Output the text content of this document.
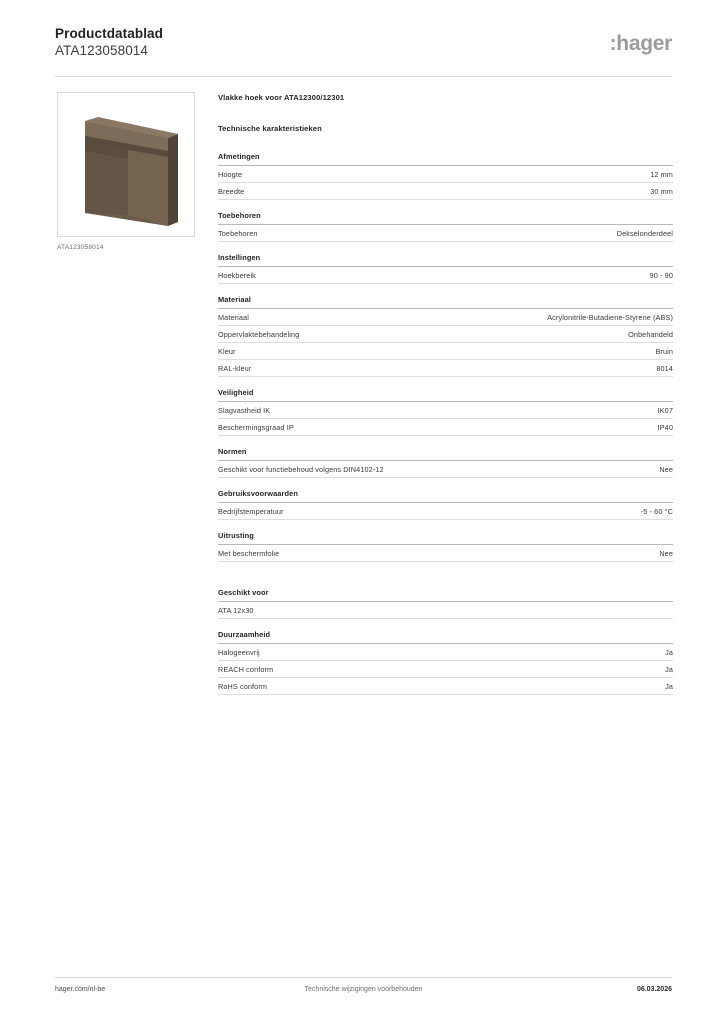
Productdatablad
ATA123058014	:hager
ATA123058014
Vlakke hoek voor ATA12300/12301
Technische karakteristieken
Afmetingen
Hoogte	12 mm
Breedte	30 mm
Toebehoren
Toebehoren	Dekselonderdeel
Instellingen
Hoekbereik	90 - 90
Materiaal
Materiaal	Acrylonitrile-Butadiene-Styrene (ABS)
Oppervlaktebehandeling	Onbehandeld
Kleur	Bruin
RAL-kleur	8014
Veiligheid
Slagvastheid IK	IK07
Beschermingsgraad IP	IP40
Normen
Geschikt voor functiebehoud volgens DIN4102-12	Nee
Gebruiksvoorwaarden
Bedrijfstemperatuur	-5 - 60 °C
Uitrusting
Met beschermfolie	Nee
Geschikt voor
ATA 12x30
Duurzaamheid
Halogeenvrij	Ja
REACH conform	Ja
RoHS conform	Ja
hager.com/nl-be	Technische wijzigingen voorbehouden	06.03.2026
